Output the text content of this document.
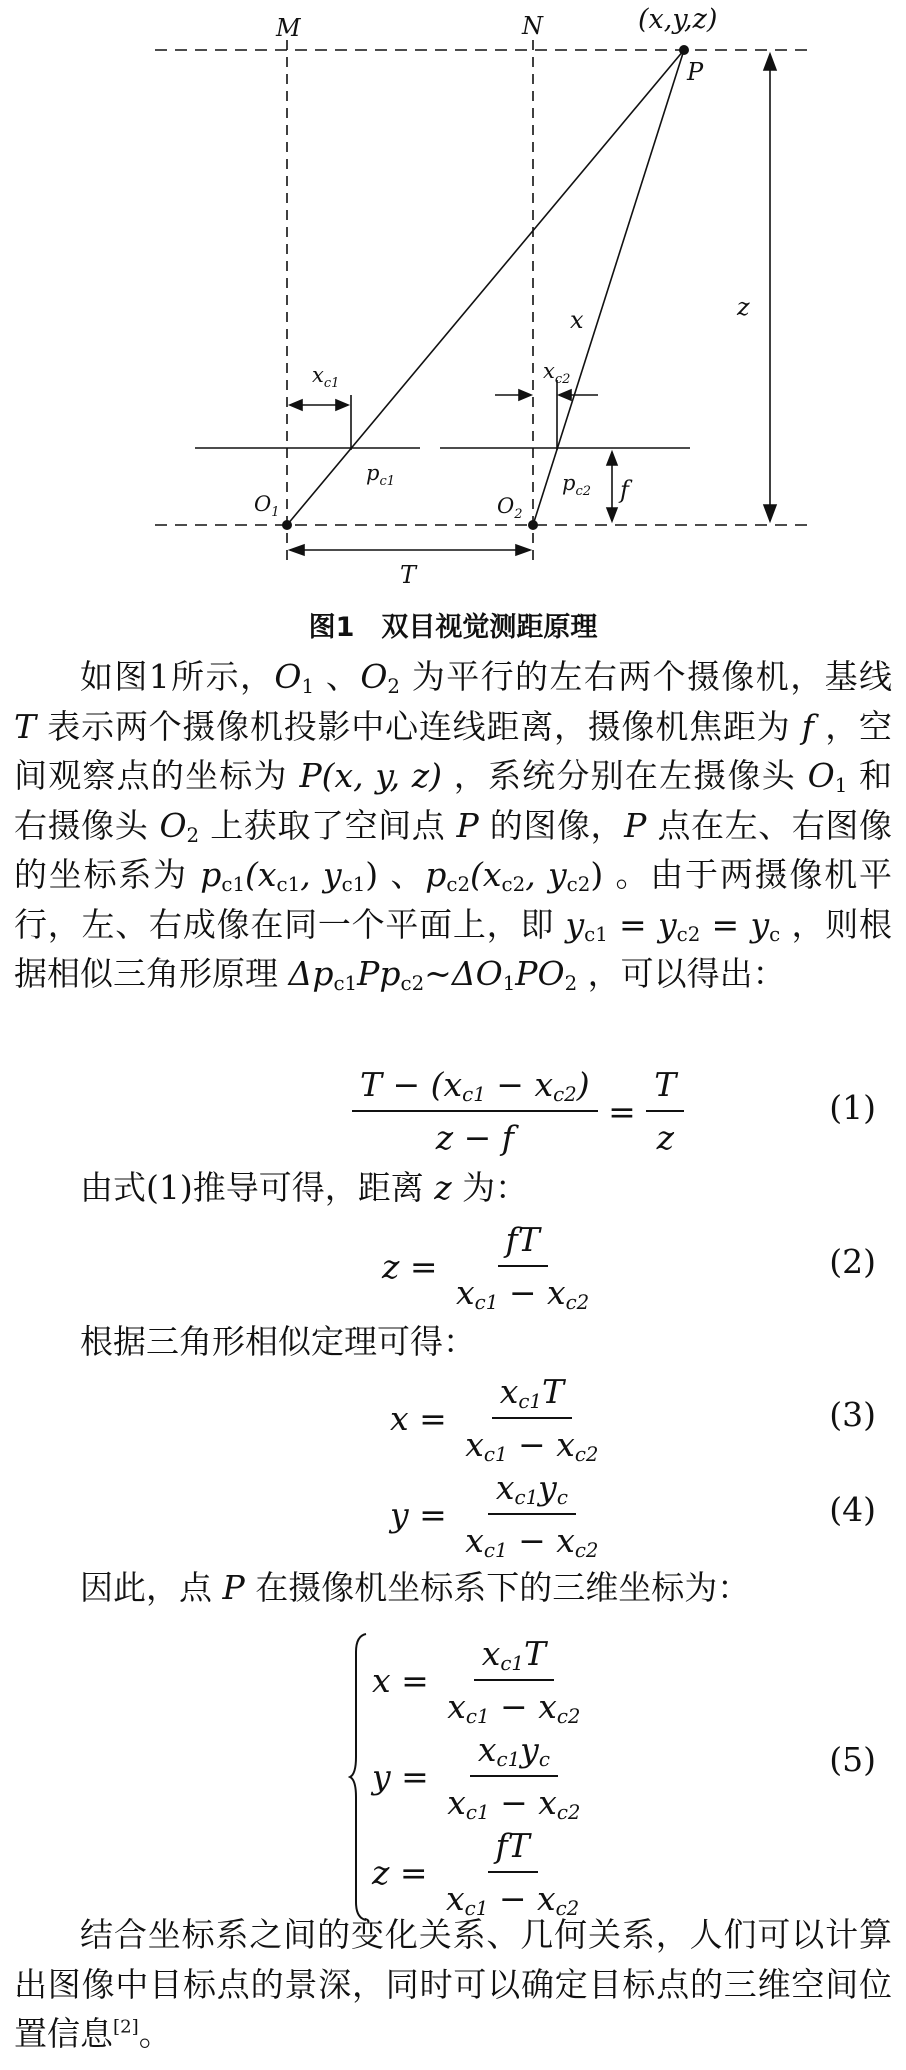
M	N	(x,y,z)
P
z
x
$x_{c1}$
$x_{c2}$
$p_{c1}$	$p_{c2}$
$O_1$	$O_2$
f
T
图1　双目视觉测距原理

如图1所示，$O_1$ 、$O_2$ 为平行的左右两个摄像机，基线 T 表示两个摄像机投影中心连线距离，摄像机焦距为 f ，空间观察点的坐标为 P(x, y, z) ，系统分别在左摄像头 $O_1$ 和右摄像头 $O_2$ 上获取了空间点 P 的图像，P 点在左、右图像的坐标系为 $p_{c1}(x_{c1}$, $y_{c1}$) 、$p_{c2}(x_{c2}$, $y_{c2}$) 。由于两摄像机平行，左、右成像在同一个平面上，即 $y_{c1} = y_{c2} = y_c$ ，则根据相似三角形原理 $\Delta p_{c1}Pp_{c2}\sim\Delta O_1PO_2$ ，可以得出：

$\frac{T - (x_{c1} - x_{c2})}{z - f} = \frac{T}{z}$	(1)
由式(1)推导可得，距离 z 为：
$z = \frac{fT}{x_{c1} - x_{c2}}$	(2)
根据三角形相似定理可得：
$x = \frac{x_{c1}T}{x_{c1} - x_{c2}}$	(3)
$y = \frac{x_{c1}y_c}{x_{c1} - x_{c2}}$	(4)
因此，点 P 在摄像机坐标系下的三维坐标为：
$x = \frac{x_{c1}T}{x_{c1} - x_{c2}}$
$y = \frac{x_{c1}y_c}{x_{c1} - x_{c2}}$
$z = \frac{fT}{x_{c1} - x_{c2}}$
(5)

结合坐标系之间的变化关系、几何关系，人们可以计算出图像中目标点的景深，同时可以确定目标点的三维空间位置信息[2]。
